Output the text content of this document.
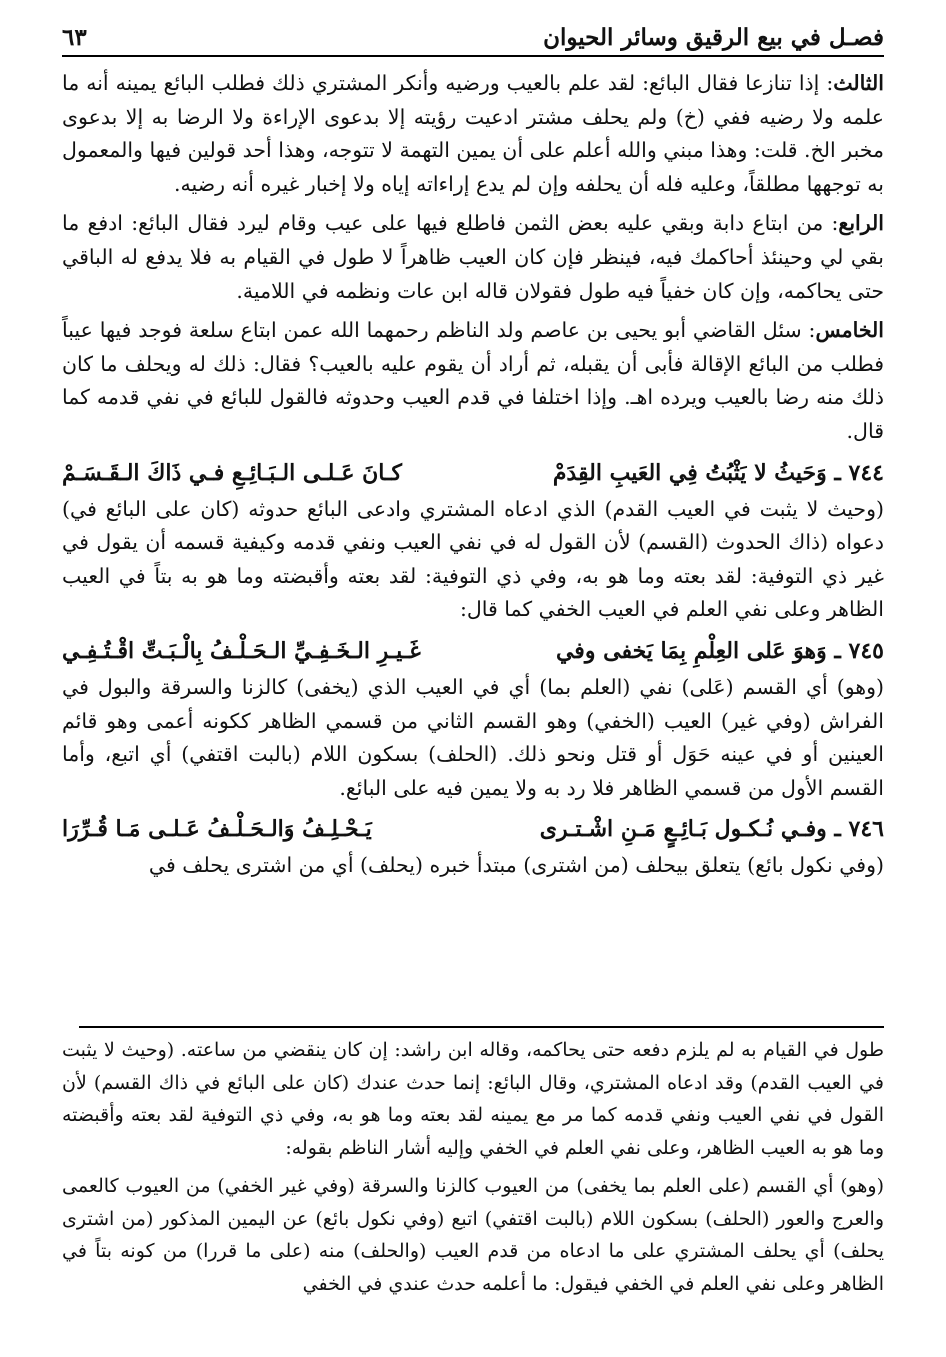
فصـل في بيع الرقيق وسائر الحيوان
٦٣

الثالث: إذا تنازعا فقال البائع: لقد علم بالعيب ورضيه وأنكر المشتري ذلك فطلب البائع يمينه أنه ما علمه ولا رضيه ففي (خ) ولم يحلف مشتر ادعيت رؤيته إلا بدعوى الإراءة ولا الرضا به إلا بدعوى مخبر الخ. قلت: وهذا مبني والله أعلم على أن يمين التهمة لا تتوجه، وهذا أحد قولين فيها والمعمول به توجهها مطلقاً، وعليه فله أن يحلفه وإن لم يدع إراءاته إياه ولا إخبار غيره أنه رضيه.

الرابع: من ابتاع دابة وبقي عليه بعض الثمن فاطلع فيها على عيب وقام ليرد فقال البائع: ادفع ما بقي لي وحينئذ أحاكمك فيه، فينظر فإن كان العيب ظاهراً لا طول في القيام به فلا يدفع له الباقي حتى يحاكمه، وإن كان خفياً فيه طول فقولان قاله ابن عات ونظمه في اللامية.

الخامس: سئل القاضي أبو يحيى بن عاصم ولد الناظم رحمهما الله عمن ابتاع سلعة فوجد فيها عيباً فطلب من البائع الإقالة فأبى أن يقبله، ثم أراد أن يقوم عليه بالعيب؟ فقال: ذلك له ويحلف ما كان ذلك منه رضا بالعيب ويرده اهـ. وإذا اختلفا في قدم العيب وحدوثه فالقول للبائع في نفي قدمه كما قال.

٧٤٤ ـ وَحَيثُ لا يَثْبُتُ فِي العَيبِ القِدَمْ
كـانَ عَـلـى الـبَـائِـعِ فـي ذَاكَ الـقَـسَـمْ

(وحيث لا يثبت في العيب القدم) الذي ادعاه المشتري وادعى البائع حدوثه (كان على البائع في) دعواه (ذاك الحدوث (القسم) لأن القول له في نفي العيب ونفي قدمه وكيفية قسمه أن يقول في غير ذي التوفية: لقد بعته وما هو به، وفي ذي التوفية: لقد بعته وأقبضته وما هو به بتاً في العيب الظاهر وعلى نفي العلم في العيب الخفي كما قال:

٧٤٥ ـ وَهوَ عَلى العِلْمِ بِمَا يَخفى وفي
غَـيـرِ الـخَـفِـيِّ الـحَـلْـفُ بِالْـبَـتِّ اقْـتُـفِـي

(وهو) أي القسم (عَلى) نفي (العلم بما) أي في العيب الذي (يخفى) كالزنا والسرقة والبول في الفراش (وفي غير) العيب (الخفي) وهو القسم الثاني من قسمي الظاهر ككونه أعمى وهو قائم العينين أو في عينه حَوَل أو قتل ونحو ذلك. (الحلف) بسكون اللام (بالبت اقتفي) أي اتبع، وأما القسم الأول من قسمي الظاهر فلا رد به ولا يمين فيه على البائع.

٧٤٦ ـ وفـي نُـكـول بَـائِـعٍ مَـنِ اشْـتـرى
يَـحْـلِـفُ وَالـحَـلْـفُ عَـلـى مَـا قُـرِّرَا

(وفي نكول بائع) يتعلق بيحلف (من اشترى) مبتدأ خبره (يحلف) أي من اشترى يحلف في

طول في القيام به لم يلزم دفعه حتى يحاكمه، وقاله ابن راشد: إن كان ينقضي من ساعته. (وحيث لا يثبت في العيب القدم) وقد ادعاه المشتري، وقال البائع: إنما حدث عندك (كان على البائع في ذاك القسم) لأن القول في نفي العيب ونفي قدمه كما مر مع يمينه لقد بعته وما هو به، وفي ذي التوفية لقد بعته وأقبضته وما هو به العيب الظاهر، وعلى نفي العلم في الخفي وإليه أشار الناظم بقوله:

(وهو) أي القسم (على العلم بما يخفى) من العيوب كالزنا والسرقة (وفي غير الخفي) من العيوب كالعمى والعرج والعور (الحلف) بسكون اللام (بالبت اقتفي) اتبع (وفي نكول بائع) عن اليمين المذكور (من اشترى يحلف) أي يحلف المشتري على ما ادعاه من قدم العيب (والحلف) منه (على ما قررا) من كونه بتاً في الظاهر وعلى نفي العلم في الخفي فيقول: ما أعلمه حدث عندي في الخفي
